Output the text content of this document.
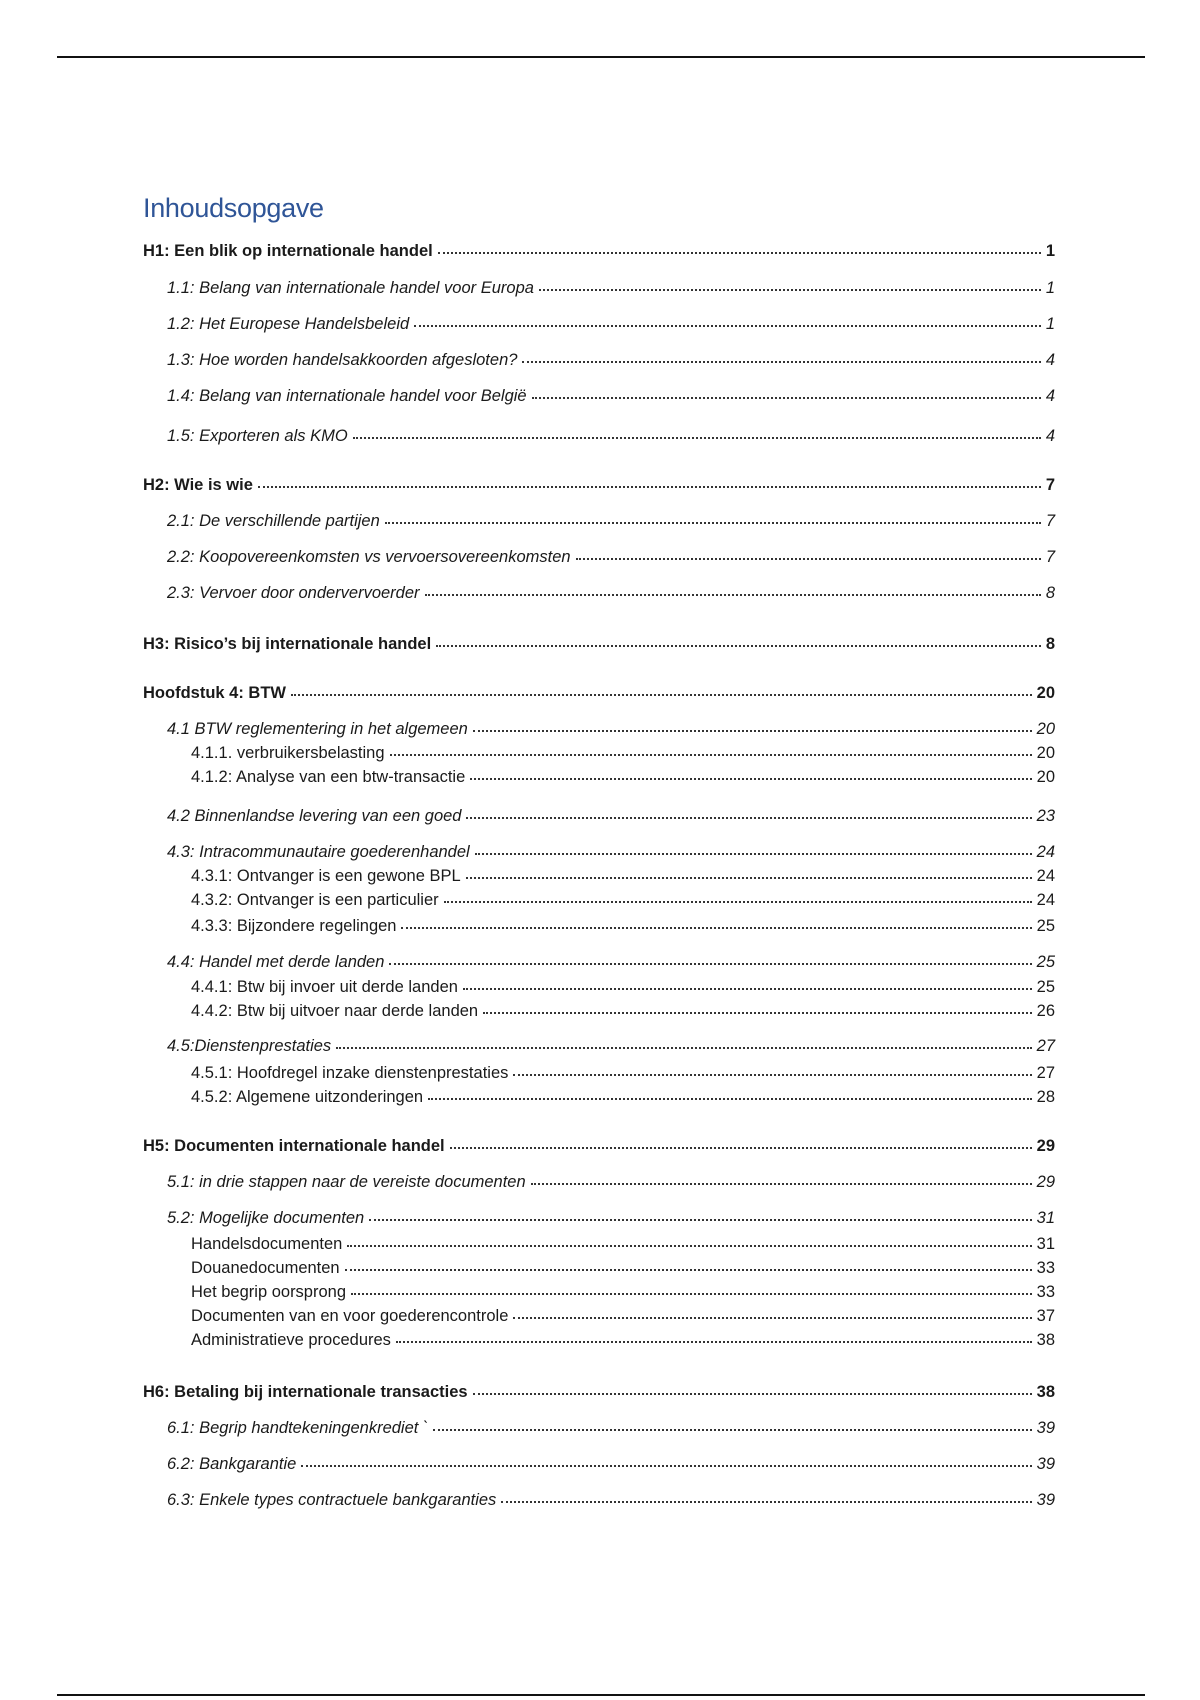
Inhoudsopgave
H1: Een blik op internationale handel	1
1.1: Belang van internationale handel voor Europa	1
1.2: Het Europese Handelsbeleid	1
1.3: Hoe worden handelsakkoorden afgesloten?	4
1.4: Belang van internationale handel voor België	4
1.5: Exporteren als KMO	4
H2: Wie is wie	7
2.1: De verschillende partijen	7
2.2: Koopovereenkomsten vs vervoersovereenkomsten	7
2.3: Vervoer door ondervervoerder	8
H3: Risico’s bij internationale handel	8
Hoofdstuk 4: BTW	20
4.1 BTW reglementering in het algemeen	20
4.1.1. verbruikersbelasting	20
4.1.2: Analyse van een btw-transactie	20
4.2 Binnenlandse levering van een goed	23
4.3: Intracommunautaire goederenhandel	24
4.3.1: Ontvanger is een gewone BPL	24
4.3.2: Ontvanger is een particulier	24
4.3.3: Bijzondere regelingen	25
4.4: Handel met derde landen	25
4.4.1: Btw bij invoer uit derde landen	25
4.4.2: Btw bij uitvoer naar derde landen	26
4.5:Dienstenprestaties	27
4.5.1: Hoofdregel inzake dienstenprestaties	27
4.5.2: Algemene uitzonderingen	28
H5: Documenten internationale handel	29
5.1: in drie stappen naar de vereiste documenten	29
5.2: Mogelijke documenten	31
Handelsdocumenten	31
Douanedocumenten	33
Het begrip oorsprong	33
Documenten van en voor goederencontrole	37
Administratieve procedures	38
H6: Betaling bij internationale transacties	38
6.1: Begrip handtekeningenkrediet `	39
6.2: Bankgarantie	39
6.3: Enkele types contractuele bankgaranties	39
